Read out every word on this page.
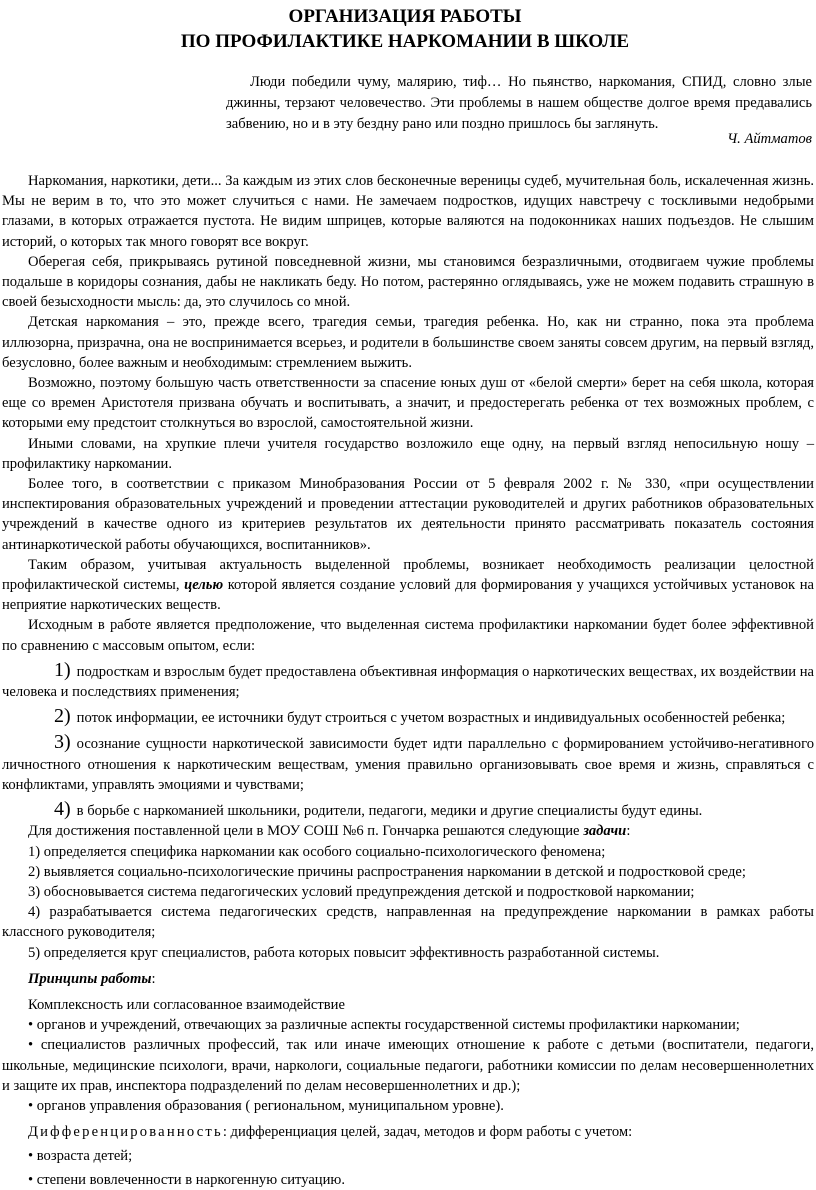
ОРГАНИЗАЦИЯ РАБОТЫ
ПО ПРОФИЛАКТИКЕ НАРКОМАНИИ В ШКОЛЕ

Люди победили чуму, малярию, тиф… Но пьянство, наркомания, СПИД, словно злые джинны, терзают человечество. Эти проблемы в нашем обществе долгое время предавались забвению, но и в эту бездну рано или поздно пришлось бы заглянуть.

Ч. Айтматов

Наркомания, наркотики, дети... За каждым из этих слов бесконечные вереницы судеб, мучительная боль, искалеченная жизнь. Мы не верим в то, что это может случиться с нами. Не замечаем подростков, идущих навстречу с тоскливыми недобрыми глазами, в которых отражается пустота. Не видим шприцев, которые валяются на подоконниках наших подъездов. Не слышим историй, о которых так много говорят все вокруг.

Оберегая себя, прикрываясь рутиной повседневной жизни, мы становимся безразличными, отодвигаем чужие проблемы подальше в коридоры сознания, дабы не накликать беду. Но потом, растерянно оглядываясь, уже не можем подавить страшную в своей безысходности мысль: да, это случилось со мной.

Детская наркомания – это, прежде всего, трагедия семьи, трагедия ребенка. Но, как ни странно, пока эта проблема иллюзорна, призрачна, она не воспринимается всерьез, и родители в большинстве своем заняты совсем другим, на первый взгляд, безусловно, более важным и необходимым: стремлением выжить.

Возможно, поэтому большую часть ответственности за спасение юных душ от «белой смерти» берет на себя школа, которая еще со времен Аристотеля призвана обучать и воспитывать, а значит, и предостерегать ребенка от тех возможных проблем, с которыми ему предстоит столкнуться во взрослой, самостоятельной жизни.

Иными словами, на хрупкие плечи учителя государство возложило еще одну, на первый взгляд непосильную ношу – профилактику наркомании.

Более того, в соответствии с приказом Минобразования России от 5 февраля 2002 г. № 330, «при осуществлении инспектирования образовательных учреждений и проведении аттестации руководителей и других работников образовательных учреждений в качестве одного из критериев результатов их деятельности принято рассматривать показатель состояния антинаркотической работы обучающихся, воспитанников».

Таким образом, учитывая актуальность выделенной проблемы, возникает необходимость реализации целостной профилактической системы, целью которой является создание условий для формирования у учащихся устойчивых установок на неприятие наркотических веществ.

Исходным в работе является предположение, что выделенная система профилактики наркомании будет более эффективной по сравнению с массовым опытом, если:

1) подросткам и взрослым будет предоставлена объективная информация о наркотических веществах, их воздействии на человека и последствиях применения;

2) поток информации, ее источники будут строиться с учетом возрастных и индивидуальных особенностей ребенка;

3) осознание сущности наркотической зависимости будет идти параллельно с формированием устойчиво-негативного личностного отношения к наркотическим веществам, умения правильно организовывать свое время и жизнь, справляться с конфликтами, управлять эмоциями и чувствами;

4) в борьбе с наркоманией школьники, родители, педагоги, медики и другие специалисты будут едины.

Для достижения поставленной цели в МОУ СОШ №6 п. Гончарка решаются следующие задачи:

1) определяется специфика наркомании как особого социально-психологического феномена;

2) выявляется социально-психологические причины распространения наркомании в детской и подростковой среде;

3) обосновывается система педагогических условий предупреждения детской и подростковой наркомании;

4) разрабатывается система педагогических средств, направленная на предупреждение наркомании в рамках работы классного руководителя;

5) определяется круг специалистов, работа которых повысит эффективность разработанной системы.

Принципы работы:

Комплексность или согласованное взаимодействие

• органов и учреждений, отвечающих за различные аспекты государственной системы профилактики наркомании;

• специалистов различных профессий, так или иначе имеющих отношение к работе с детьми (воспитатели, педагоги, школьные, медицинские психологи, врачи, наркологи, социальные педагоги, работники комиссии по делам несовершеннолетних и защите их прав, инспектора подразделений по делам несовершеннолетних и др.);

• органов управления образования ( региональном, муниципальном уровне).

Дифференцированность: дифференциация целей, задач, методов и форм работы с учетом:

• возраста детей;

• степени вовлеченности в наркогенную ситуацию.
